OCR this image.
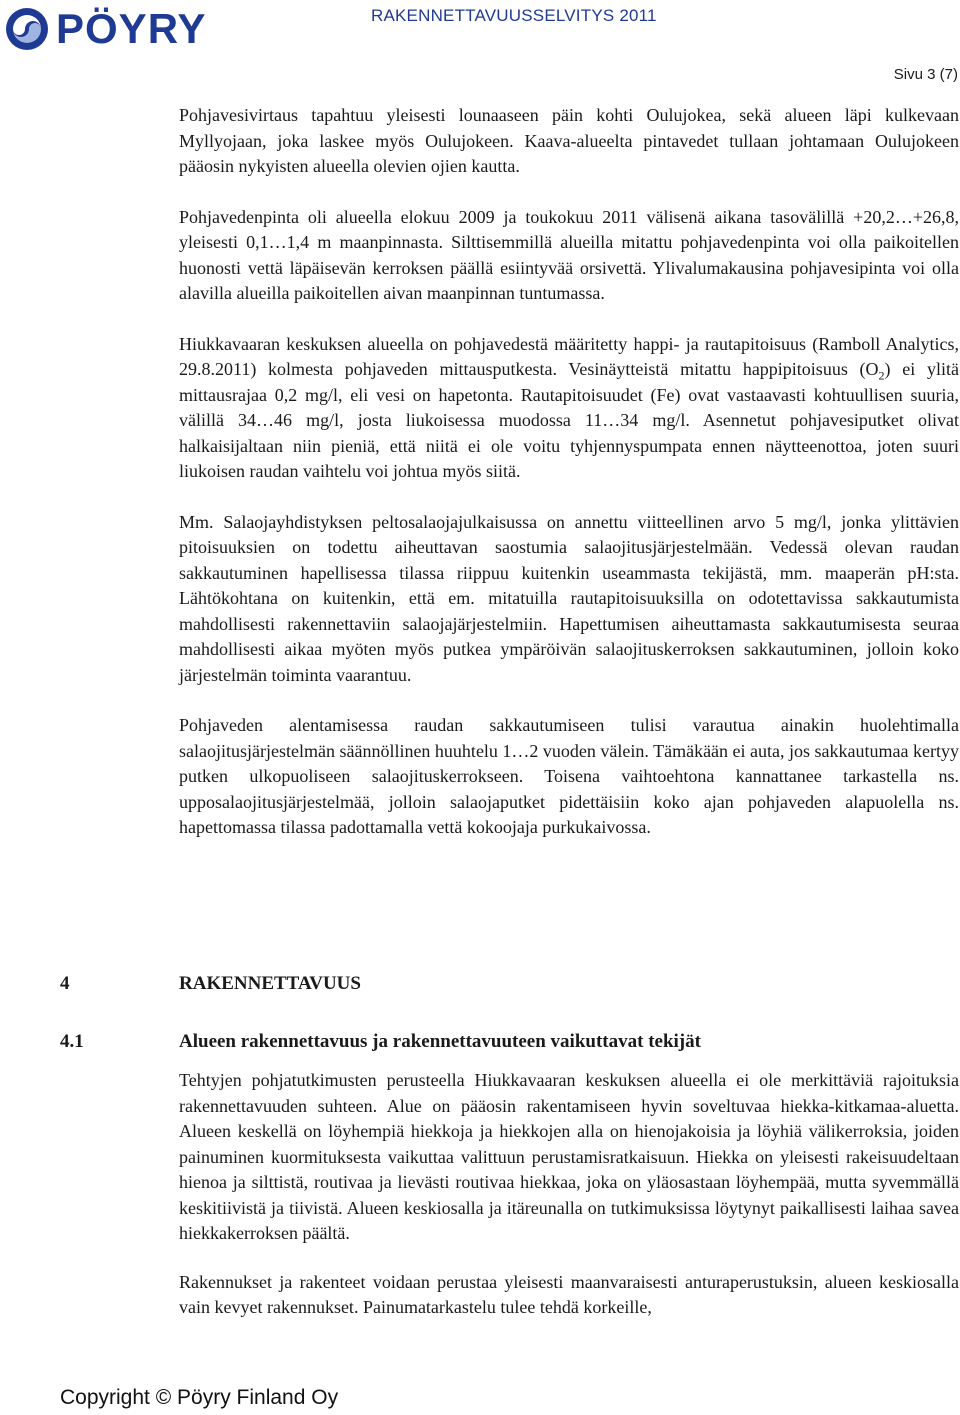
PÖYRY	RAKENNETTAVUUSSELVITYS 2011
Sivu 3 (7)

Pohjavesivirtaus tapahtuu yleisesti lounaaseen päin kohti Oulujokea, sekä alueen läpi kulkevaan Myllyojaan, joka laskee myös Oulujokeen. Kaava-alueelta pintavedet tullaan johtamaan Oulujokeen pääosin nykyisten alueella olevien ojien kautta.

Pohjavedenpinta oli alueella elokuu 2009 ja toukokuu 2011 välisenä aikana tasovälillä +20,2…+26,8, yleisesti 0,1…1,4 m maanpinnasta. Silttisemmillä alueilla mitattu pohjavedenpinta voi olla paikoitellen huonosti vettä läpäisevän kerroksen päällä esiintyvää orsivettä. Ylivalumakausina pohjavesipinta voi olla alavilla alueilla paikoitellen aivan maanpinnan tuntumassa.

Hiukkavaaran keskuksen alueella on pohjavedestä määritetty happi- ja rautapitoisuus (Ramboll Analytics, 29.8.2011) kolmesta pohjaveden mittausputkesta. Vesinäytteistä mitattu happipitoisuus $(O_2)$ ei ylitä mittausrajaa 0,2 mg/l, eli vesi on hapetonta. Rautapitoisuudet (Fe) ovat vastaavasti kohtuullisen suuria, välillä 34…46 mg/l, josta liukoisessa muodossa 11…34 mg/l. Asennetut pohjavesiputket olivat halkaisijaltaan niin pieniä, että niitä ei ole voitu tyhjennyspumpata ennen näytteenottoa, joten suuri liukoisen raudan vaihtelu voi johtua myös siitä.

Mm. Salaojayhdistyksen peltosalaojajulkaisussa on annettu viitteellinen arvo 5 mg/l, jonka ylittävien pitoisuuksien on todettu aiheuttavan saostumia salaojitusjärjestelmään. Vedessä olevan raudan sakkautuminen hapellisessa tilassa riippuu kuitenkin useammasta tekijästä, mm. maaperän pH:sta. Lähtökohtana on kuitenkin, että em. mitatuilla rautapitoisuuksilla on odotettavissa sakkautumista mahdollisesti rakennettaviin salaojajärjestelmiin. Hapettumisen aiheuttamasta sakkautumisesta seuraa mahdollisesti aikaa myöten myös putkea ympäröivän salaojituskerroksen sakkautuminen, jolloin koko järjestelmän toiminta vaarantuu.

Pohjaveden alentamisessa raudan sakkautumiseen tulisi varautua ainakin huolehtimalla salaojitusjärjestelmän säännöllinen huuhtelu 1…2 vuoden välein. Tämäkään ei auta, jos sakkautumaa kertyy putken ulkopuoliseen salaojituskerrokseen. Toisena vaihtoehtona kannattanee tarkastella ns. upposalaojitusjärjestelmää, jolloin salaojaputket pidettäisiin koko ajan pohjaveden alapuolella ns. hapettomassa tilassa padottamalla vettä kokoojaja purkukaivossa.

4	RAKENNETTAVUUS
4.1	Alueen rakennettavuus ja rakennettavuuteen vaikuttavat tekijät

Tehtyjen pohjatutkimusten perusteella Hiukkavaaran keskuksen alueella ei ole merkittäviä rajoituksia rakennettavuuden suhteen. Alue on pääosin rakentamiseen hyvin soveltuvaa hiekka-kitkamaa-aluetta. Alueen keskellä on löyhempiä hiekkoja ja hiekkojen alla on hienojakoisia ja löyhiä välikerroksia, joiden painuminen kuormituksesta vaikuttaa valittuun perustamisratkaisuun. Hiekka on yleisesti rakeisuudeltaan hienoa ja silttistä, routivaa ja lievästi routivaa hiekkaa, joka on yläosastaan löyhempää, mutta syvemmällä keskitiivistä ja tiivistä. Alueen keskiosalla ja itäreunalla on tutkimuksissa löytynyt paikallisesti laihaa savea hiekkakerroksen päältä.

Rakennukset ja rakenteet voidaan perustaa yleisesti maanvaraisesti anturaperustuksin, alueen keskiosalla vain kevyet rakennukset. Painumatarkastelu tulee tehdä korkeille,

Copyright © Pöyry Finland Oy
